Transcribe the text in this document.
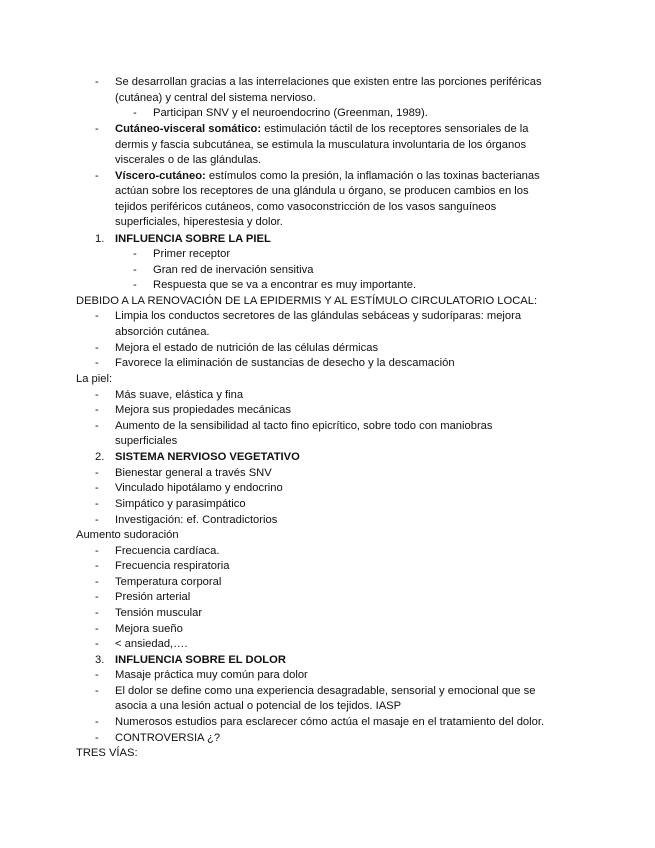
- Se desarrollan gracias a las interrelaciones que existen entre las porciones periféricas
(cutánea) y central del sistema nervioso.
- Participan SNV y el neuroendocrino (Greenman, 1989).
- Cutáneo-visceral somático: estimulación táctil de los receptores sensoriales de la
dermis y fascia subcutánea, se estimula la musculatura involuntaria de los órganos
viscerales o de las glándulas.
- Víscero-cutáneo: estímulos como la presión, la inflamación o las toxinas bacterianas
actúan sobre los receptores de una glándula u órgano, se producen cambios en los
tejidos periféricos cutáneos, como vasoconstricción de los vasos sanguíneos
superficiales, hiperestesia y dolor.
1. INFLUENCIA SOBRE LA PIEL
- Primer receptor
- Gran red de inervación sensitiva
- Respuesta que se va a encontrar es muy importante.
DEBIDO A LA RENOVACIÓN DE LA EPIDERMIS Y AL ESTÍMULO CIRCULATORIO LOCAL:
- Limpia los conductos secretores de las glándulas sebáceas y sudoríparas: mejora
absorción cutánea.
- Mejora el estado de nutrición de las células dérmicas
- Favorece la eliminación de sustancias de desecho y la descamación
La piel:
- Más suave, elástica y fina
- Mejora sus propiedades mecánicas
- Aumento de la sensibilidad al tacto fino epicrítico, sobre todo con maniobras
superficiales
2. SISTEMA NERVIOSO VEGETATIVO
- Bienestar general a través SNV
- Vinculado hipotálamo y endocrino
- Simpático y parasimpático
- Investigación: ef. Contradictorios
Aumento sudoración
- Frecuencia cardíaca.
- Frecuencia respiratoria
- Temperatura corporal
- Presión arterial
- Tensión muscular
- Mejora sueño
- < ansiedad,….
3. INFLUENCIA SOBRE EL DOLOR
- Masaje práctica muy común para dolor
- El dolor se define como una experiencia desagradable, sensorial y emocional que se
asocia a una lesión actual o potencial de los tejidos. IASP
- Numerosos estudios para esclarecer cómo actúa el masaje en el tratamiento del dolor.
- CONTROVERSIA ¿?
TRES VÍAS:
